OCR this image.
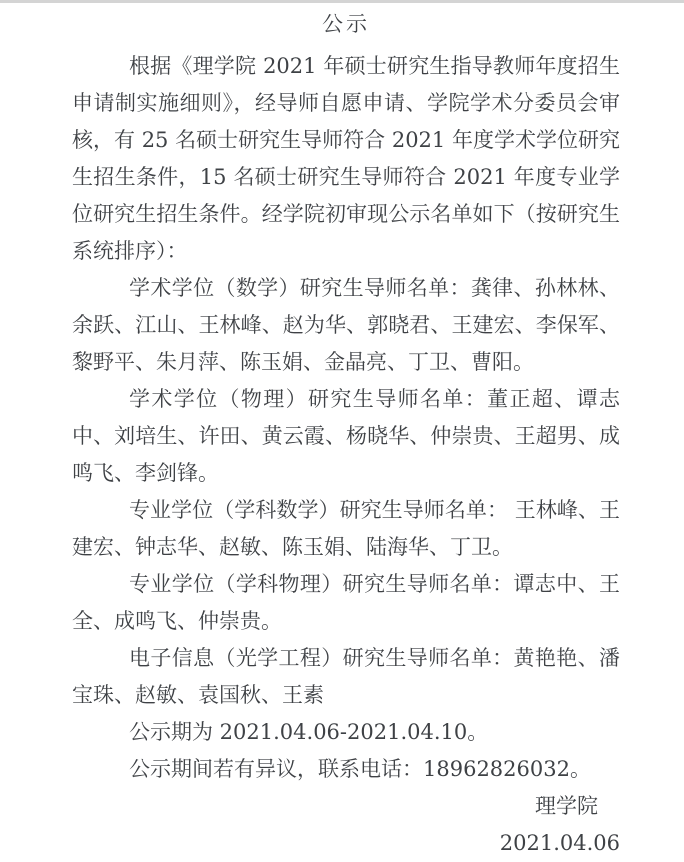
公示

根据《理学院 2021 年硕士研究生指导教师年度招生申请制实施细则》，经导师自愿申请、学院学术分委员会审核，有 25 名硕士研究生导师符合 2021 年度学术学位研究生招生条件，15 名硕士研究生导师符合 2021 年度专业学位研究生招生条件。经学院初审现公示名单如下（按研究生系统排序）：

学术学位（数学）研究生导师名单：龚律、孙林林、余跃、江山、王林峰、赵为华、郭晓君、王建宏、李保军、黎野平、朱月萍、陈玉娟、金晶亮、丁卫、曹阳。

学术学位（物理）研究生导师名单：董正超、谭志中、刘培生、许田、黄云霞、杨晓华、仲崇贵、王超男、成鸣飞、李剑锋。

专业学位（学科数学）研究生导师名单： 王林峰、王建宏、钟志华、赵敏、陈玉娟、陆海华、丁卫。

专业学位（学科物理）研究生导师名单：谭志中、王全、成鸣飞、仲崇贵。

电子信息（光学工程）研究生导师名单：黄艳艳、潘宝珠、赵敏、袁国秋、王素

公示期为 2021.04.06-2021.04.10。

公示期间若有异议，联系电话：18962826032。

理学院

2021.04.06
